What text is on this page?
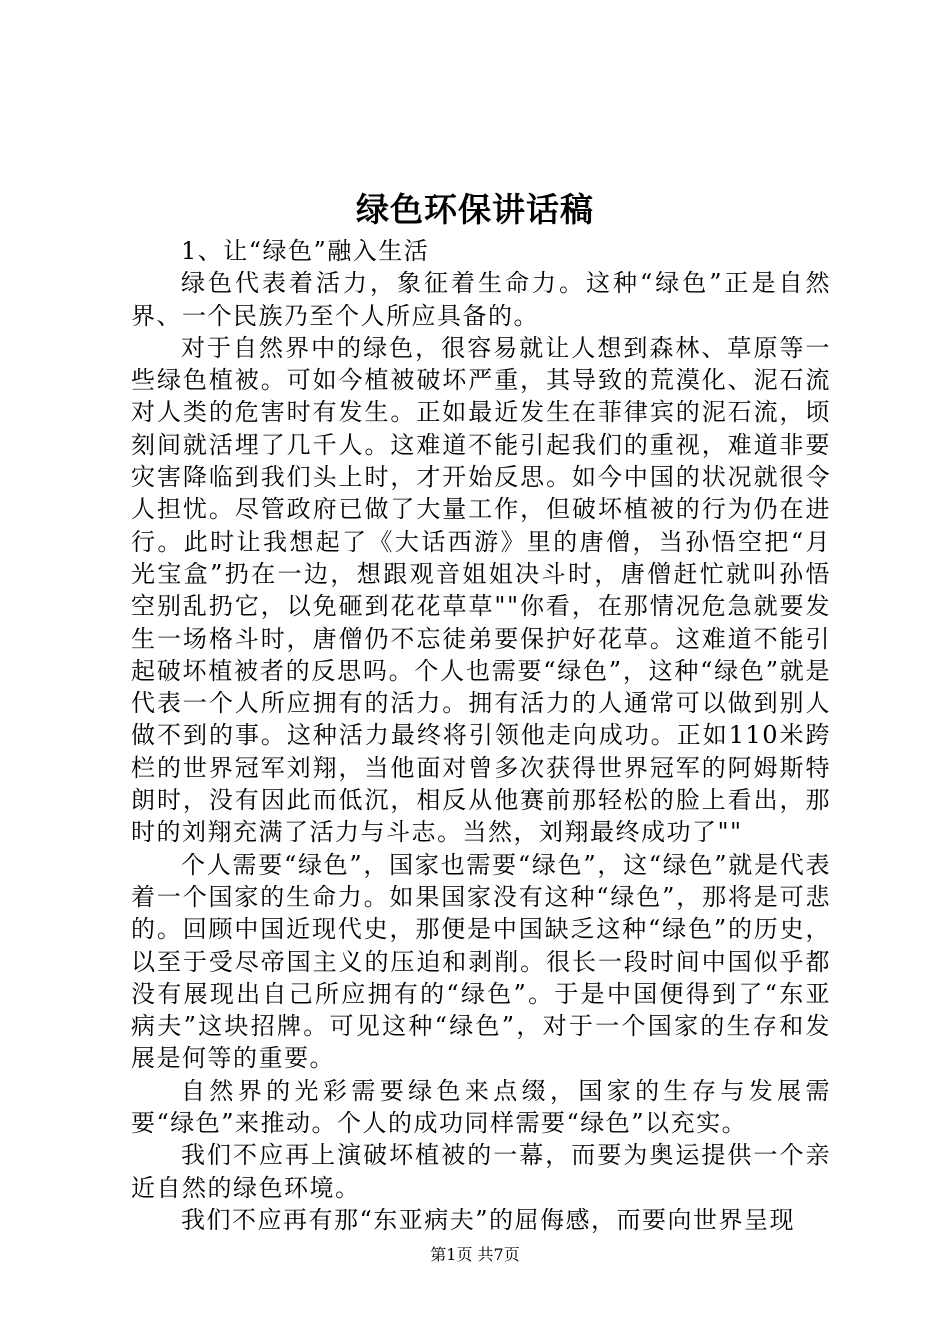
绿色环保讲话稿

1、让“绿色”融入生活

绿色代表着活力，象征着生命力。这种“绿色”正是自然界、一个民族乃至个人所应具备的。

对于自然界中的绿色，很容易就让人想到森林、草原等一些绿色植被。可如今植被破坏严重，其导致的荒漠化、泥石流对人类的危害时有发生。正如最近发生在菲律宾的泥石流，顷刻间就活埋了几千人。这难道不能引起我们的重视，难道非要灾害降临到我们头上时，才开始反思。如今中国的状况就很令人担忧。尽管政府已做了大量工作，但破坏植被的行为仍在进行。此时让我想起了《大话西游》里的唐僧，当孙悟空把“月光宝盒”扔在一边，想跟观音姐姐决斗时，唐僧赶忙就叫孙悟空别乱扔它，以免砸到花花草草""你看，在那情况危急就要发生一场格斗时，唐僧仍不忘徒弟要保护好花草。这难道不能引起破坏植被者的反思吗。个人也需要“绿色”，这种“绿色”就是代表一个人所应拥有的活力。拥有活力的人通常可以做到别人做不到的事。这种活力最终将引领他走向成功。正如110米跨栏的世界冠军刘翔，当他面对曾多次获得世界冠军的阿姆斯特朗时，没有因此而低沉，相反从他赛前那轻松的脸上看出，那时的刘翔充满了活力与斗志。当然，刘翔最终成功了""

个人需要“绿色”，国家也需要“绿色”，这“绿色”就是代表着一个国家的生命力。如果国家没有这种“绿色”，那将是可悲的。回顾中国近现代史，那便是中国缺乏这种“绿色”的历史，以至于受尽帝国主义的压迫和剥削。很长一段时间中国似乎都没有展现出自己所应拥有的“绿色”。于是中国便得到了“东亚病夫”这块招牌。可见这种“绿色”，对于一个国家的生存和发展是何等的重要。

自然界的光彩需要绿色来点缀，国家的生存与发展需要“绿色”来推动。个人的成功同样需要“绿色”以充实。

我们不应再上演破坏植被的一幕，而要为奥运提供一个亲近自然的绿色环境。

我们不应再有那“东亚病夫”的屈侮感，而要向世界呈现

第1页 共7页
